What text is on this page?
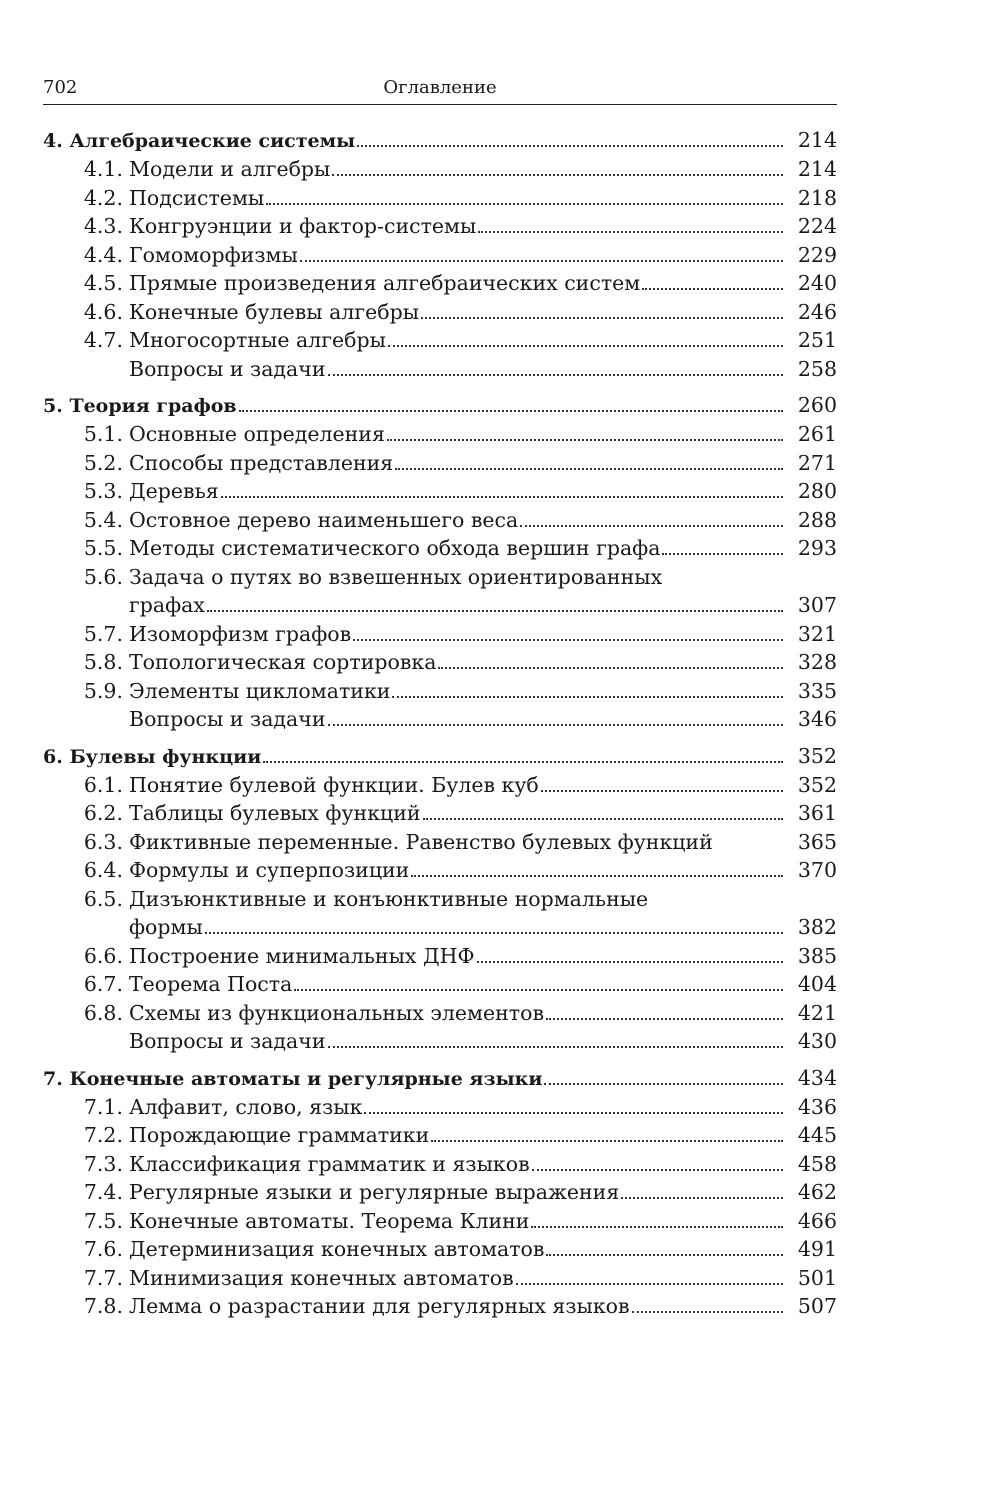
702	Оглавление
4. Алгебраические системы	214
4.1. Модели и алгебры	214
4.2. Подсистемы	218
4.3. Конгруэнции и фактор-системы	224
4.4. Гомоморфизмы	229
4.5. Прямые произведения алгебраических систем	240
4.6. Конечные булевы алгебры	246
4.7. Многосортные алгебры	251
Вопросы и задачи	258
5. Теория графов	260
5.1. Основные определения	261
5.2. Способы представления	271
5.3. Деревья	280
5.4. Остовное дерево наименьшего веса	288
5.5. Методы систематического обхода вершин графа	293
5.6. Задача о путях во взвешенных ориентированных
графах	307
5.7. Изоморфизм графов	321
5.8. Топологическая сортировка	328
5.9. Элементы цикломатики	335
Вопросы и задачи	346
6. Булевы функции	352
6.1. Понятие булевой функции. Булев куб	352
6.2. Таблицы булевых функций	361
6.3. Фиктивные переменные. Равенство булевых функций	365
6.4. Формулы и суперпозиции	370
6.5. Дизъюнктивные и конъюнктивные нормальные
формы	382
6.6. Построение минимальных ДНФ	385
6.7. Теорема Поста	404
6.8. Схемы из функциональных элементов	421
Вопросы и задачи	430
7. Конечные автоматы и регулярные языки	434
7.1. Алфавит, слово, язык	436
7.2. Порождающие грамматики	445
7.3. Классификация грамматик и языков	458
7.4. Регулярные языки и регулярные выражения	462
7.5. Конечные автоматы. Теорема Клини	466
7.6. Детерминизация конечных автоматов	491
7.7. Минимизация конечных автоматов	501
7.8. Лемма о разрастании для регулярных языков	507
